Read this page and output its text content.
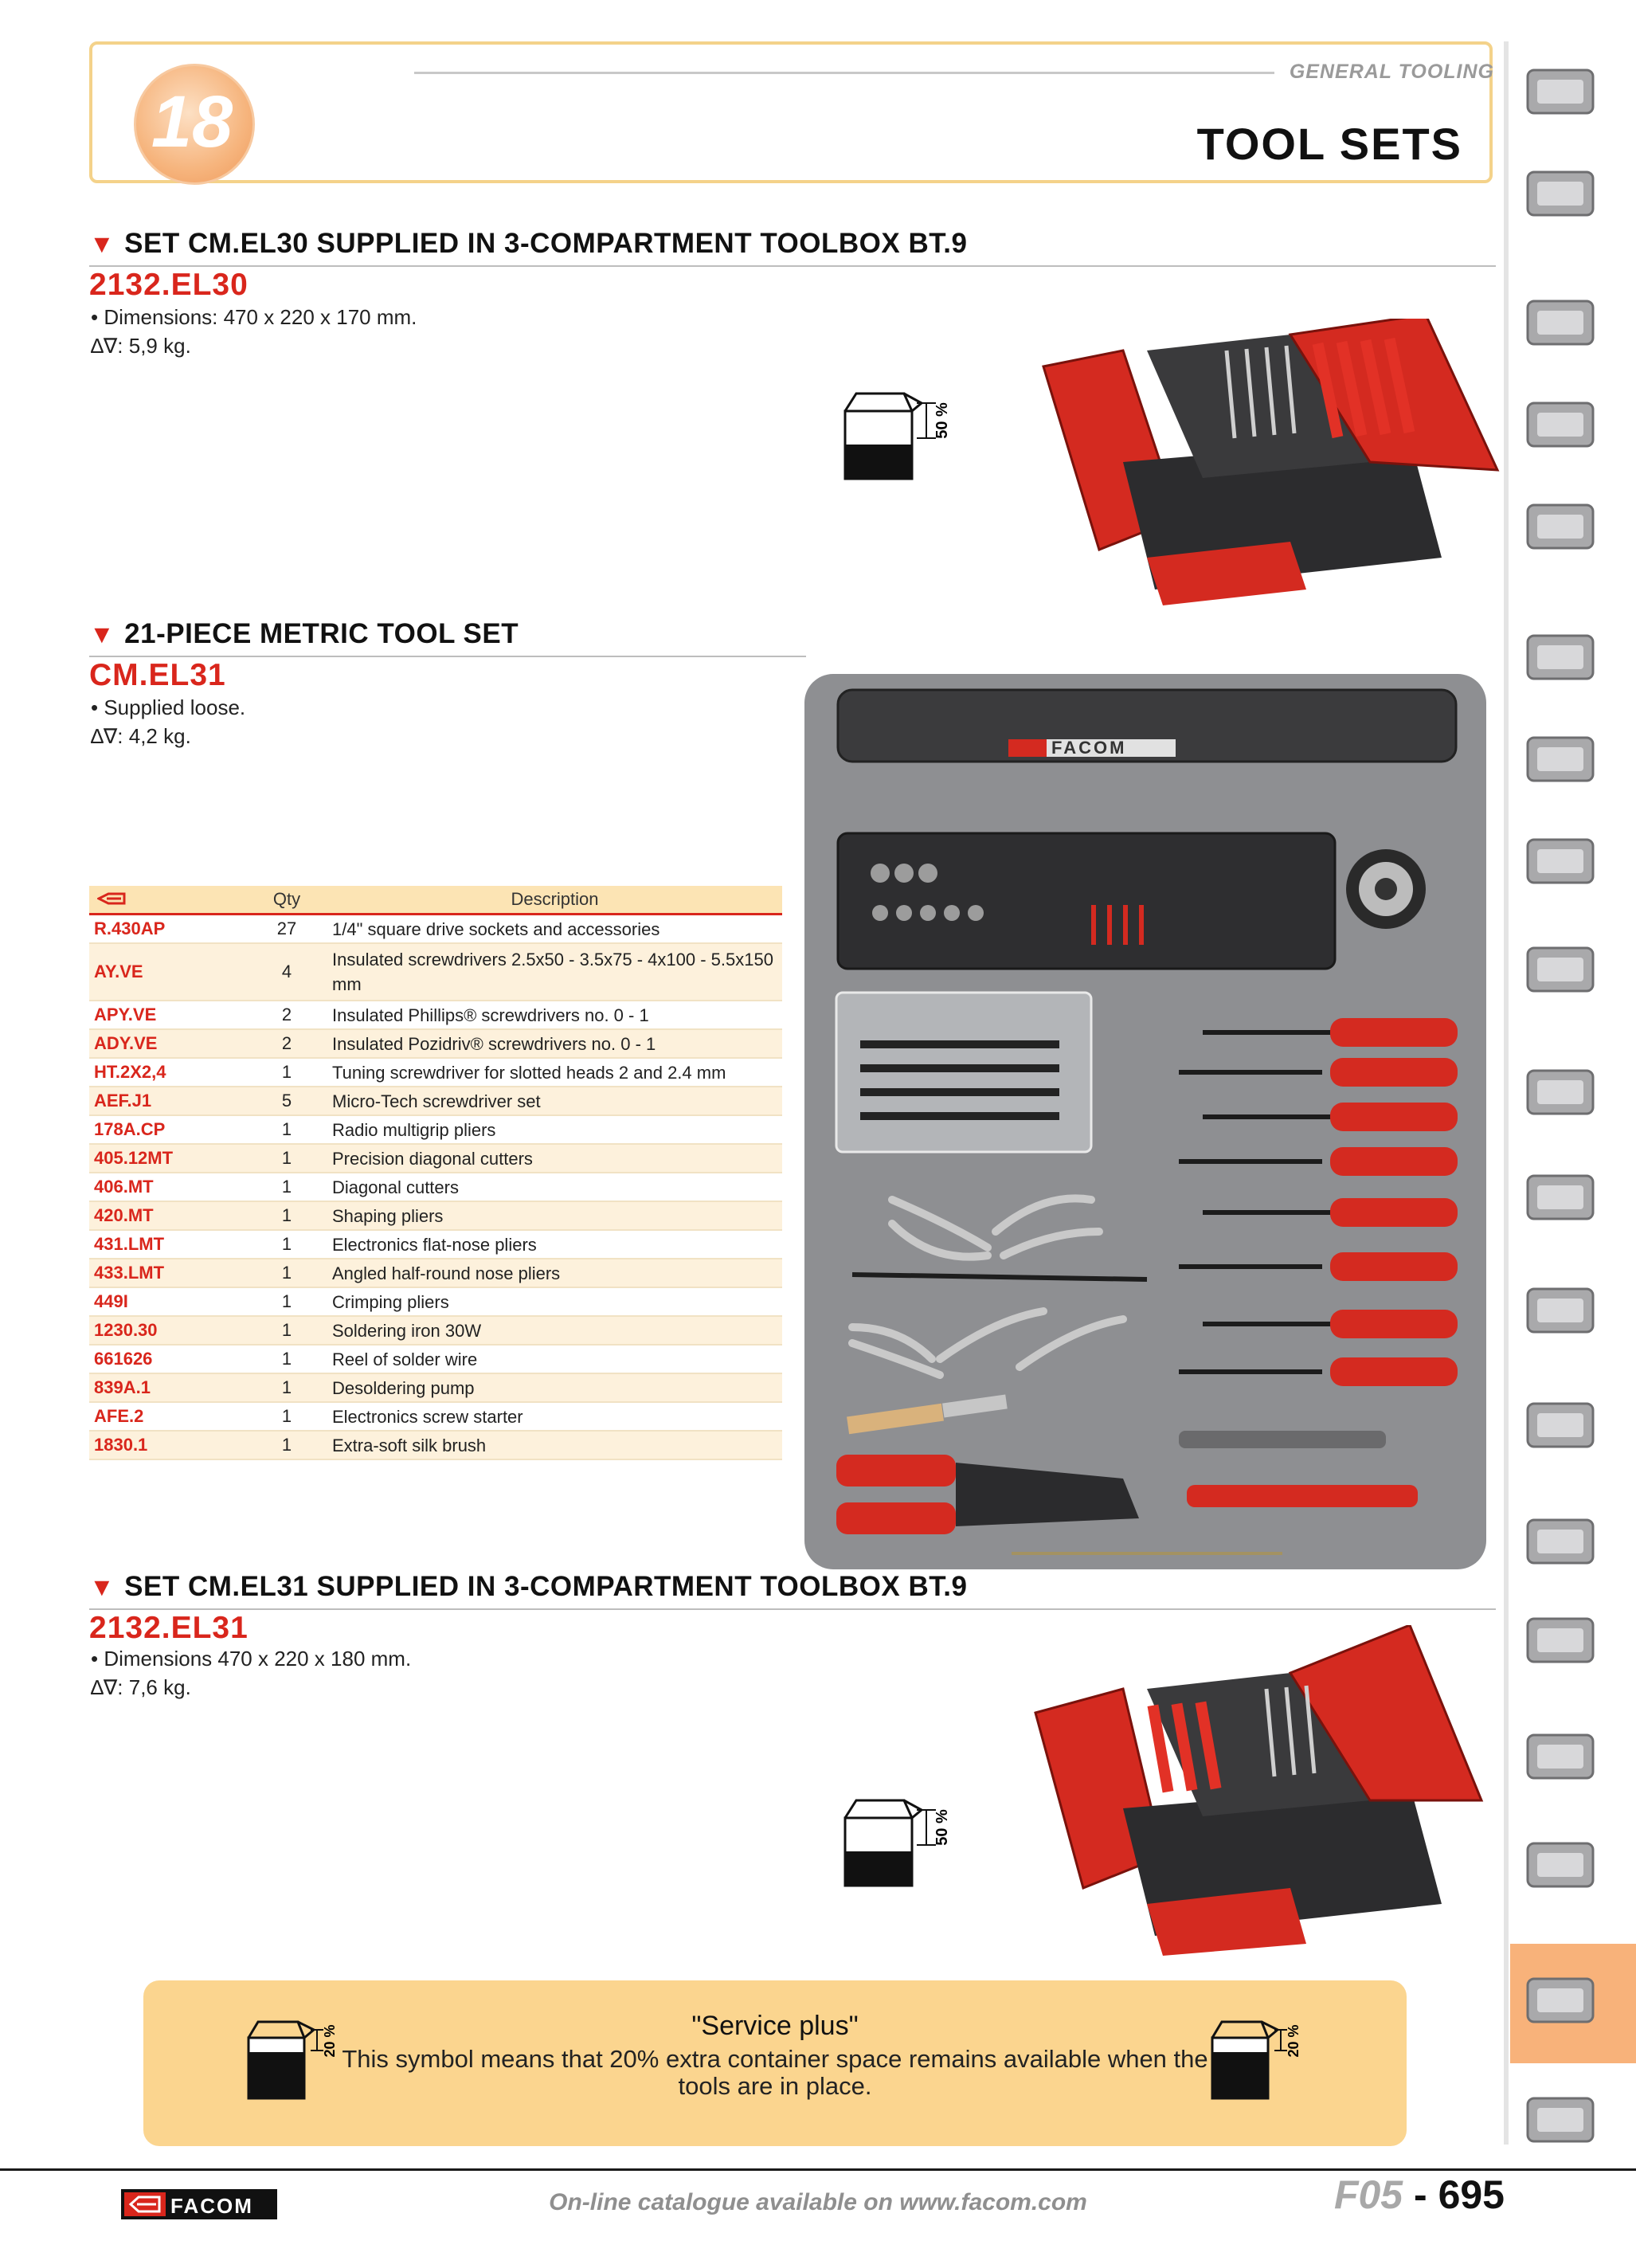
18
GENERAL TOOLING
TOOL SETS
▼ SET CM.EL30 SUPPLIED IN 3-COMPARTMENT TOOLBOX BT.9
2132.EL30
• Dimensions: 470 x 220 x 170 mm.
∆∇: 5,9 kg.
50 %
▼ 21-PIECE METRIC TOOL SET
CM.EL31
• Supplied loose.
∆∇: 4,2 kg.
	Qty	Description
R.430AP	27	1/4" square drive sockets and accessories
AY.VE	4	Insulated screwdrivers 2.5x50 - 3.5x75 - 4x100 - 5.5x150 mm
APY.VE	2	Insulated Phillips® screwdrivers no. 0 - 1
ADY.VE	2	Insulated Pozidriv® screwdrivers no. 0 - 1
HT.2X2,4	1	Tuning screwdriver for slotted heads 2 and 2.4 mm
AEF.J1	5	Micro-Tech screwdriver set
178A.CP	1	Radio multigrip pliers
405.12MT	1	Precision diagonal cutters
406.MT	1	Diagonal cutters
420.MT	1	Shaping pliers
431.LMT	1	Electronics flat-nose pliers
433.LMT	1	Angled half-round nose pliers
449I	1	Crimping pliers
1230.30	1	Soldering iron 30W
661626	1	Reel of solder wire
839A.1	1	Desoldering pump
AFE.2	1	Electronics screw starter
1830.1	1	Extra-soft silk brush
FACOM
▼ SET CM.EL31 SUPPLIED IN 3-COMPARTMENT TOOLBOX BT.9
2132.EL31
• Dimensions 470 x 220 x 180 mm.
∆∇: 7,6 kg.
50 %
20 %	"Service plus"
This symbol means that 20% extra container space remains available when the tools are in place.
20 %
FACOM	On-line catalogue available on www.facom.com	F05 - 695
